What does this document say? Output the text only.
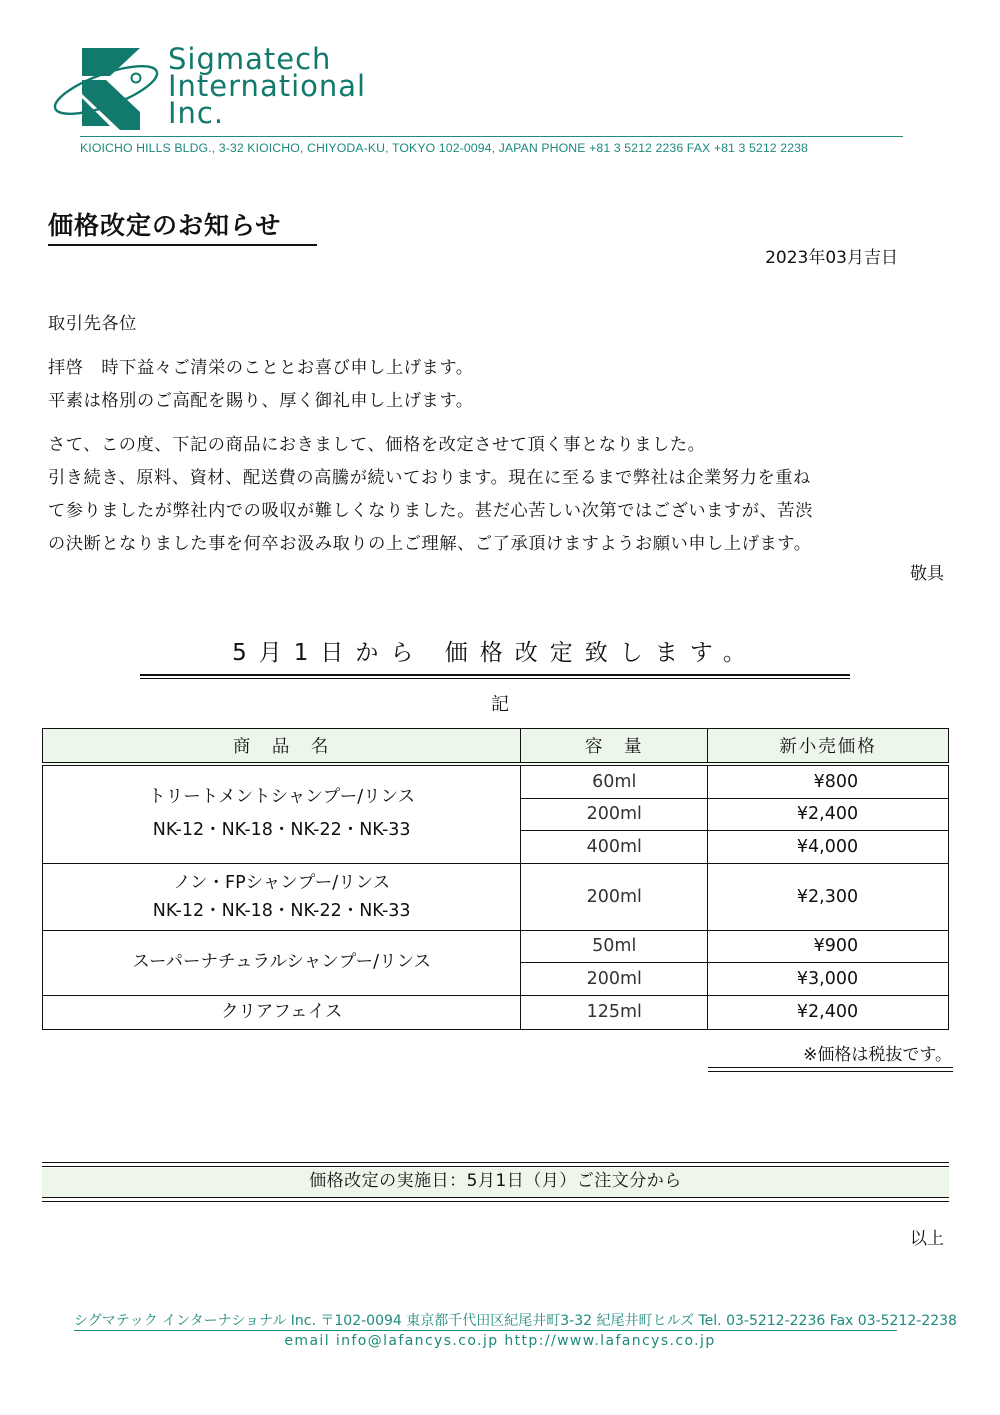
Sigmatech
International
Inc.
KIOICHO HILLS BLDG., 3-32 KIOICHO, CHIYODA-KU, TOKYO 102-0094, JAPAN PHONE +81 3 5212 2236 FAX +81 3 5212 2238
価格改定のお知らせ
2023年03月吉日
取引先各位
拝啓　時下益々ご清栄のこととお喜び申し上げます。
平素は格別のご高配を賜り、厚く御礼申し上げます。
さて、この度、下記の商品におきまして、価格を改定させて頂く事となりました。
引き続き、原料、資材、配送費の高騰が続いております。現在に至るまで弊社は企業努力を重ね
て参りましたが弊社内での吸収が難しくなりました。甚だ心苦しい次第ではございますが、苦渋
の決断となりました事を何卒お汲み取りの上ご理解、ご了承頂けますようお願い申し上げます。
敬具
5月1日から 価格改定致します。
記
商　品　名	容　量	新小売価格

トリートメントシャンプー/リンス
NK-12・NK-18・NK-22・NK-33	60ml	¥800
	200ml	¥2,400
	400ml	¥4,000

ノン・FPシャンプー/リンス
NK-12・NK-18・NK-22・NK-33	200ml	¥2,300

スーパーナチュラルシャンプー/リンス	50ml	¥900
	200ml	¥3,000

クリアフェイス	125ml	¥2,400
※価格は税抜です。
価格改定の実施日：5月1日（月）ご注文分から
以上
シグマテック インターナショナル Inc. 〒102-0094 東京都千代田区紀尾井町3-32 紀尾井町ヒルズ Tel. 03-5212-2236 Fax 03-5212-2238
email info@lafancys.co.jp http://www.lafancys.co.jp
